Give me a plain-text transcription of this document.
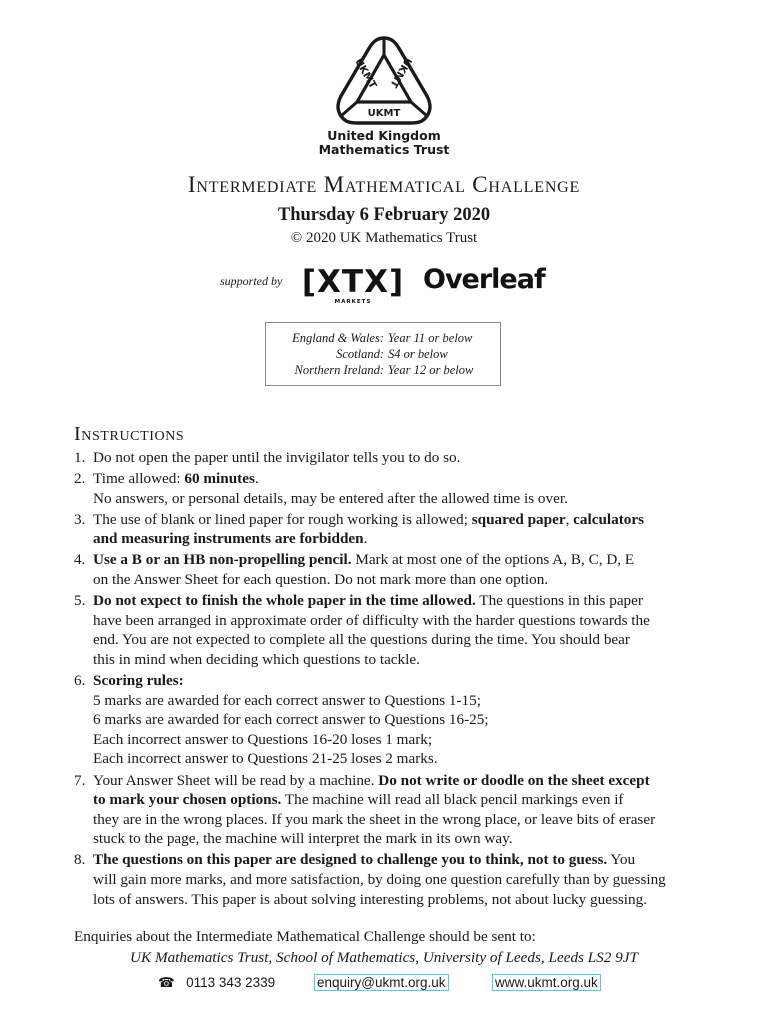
UKMT UKMT
UKMT
United Kingdom
Mathematics Trust
Intermediate Mathematical Challenge
Thursday 6 February 2020
© 2020 UK Mathematics Trust
supported by [XTX]
MARKETS
Overleaf
England & Wales: Year 11 or below
Scotland: S4 or below
Northern Ireland: Year 12 or below
Instructions
1. Do not open the paper until the invigilator tells you to do so.
2. Time allowed: 60 minutes.
No answers, or personal details, may be entered after the allowed time is over.
3. The use of blank or lined paper for rough working is allowed; squared paper, calculators
and measuring instruments are forbidden.
4. Use a B or an HB non-propelling pencil. Mark at most one of the options A, B, C, D, E
on the Answer Sheet for each question. Do not mark more than one option.
5. Do not expect to finish the whole paper in the time allowed. The questions in this paper
have been arranged in approximate order of difficulty with the harder questions towards the
end. You are not expected to complete all the questions during the time. You should bear
this in mind when deciding which questions to tackle.
6. Scoring rules:
5 marks are awarded for each correct answer to Questions 1-15;
6 marks are awarded for each correct answer to Questions 16-25;
Each incorrect answer to Questions 16-20 loses 1 mark;
Each incorrect answer to Questions 21-25 loses 2 marks.
7. Your Answer Sheet will be read by a machine. Do not write or doodle on the sheet except
to mark your chosen options. The machine will read all black pencil markings even if
they are in the wrong places. If you mark the sheet in the wrong place, or leave bits of eraser
stuck to the page, the machine will interpret the mark in its own way.
8. The questions on this paper are designed to challenge you to think, not to guess. You
will gain more marks, and more satisfaction, by doing one question carefully than by guessing
lots of answers. This paper is about solving interesting problems, not about lucky guessing.
Enquiries about the Intermediate Mathematical Challenge should be sent to:
UK Mathematics Trust, School of Mathematics, University of Leeds, Leeds LS2 9JT
☎ 0113 343 2339	enquiry@ukmt.org.uk	www.ukmt.org.uk
